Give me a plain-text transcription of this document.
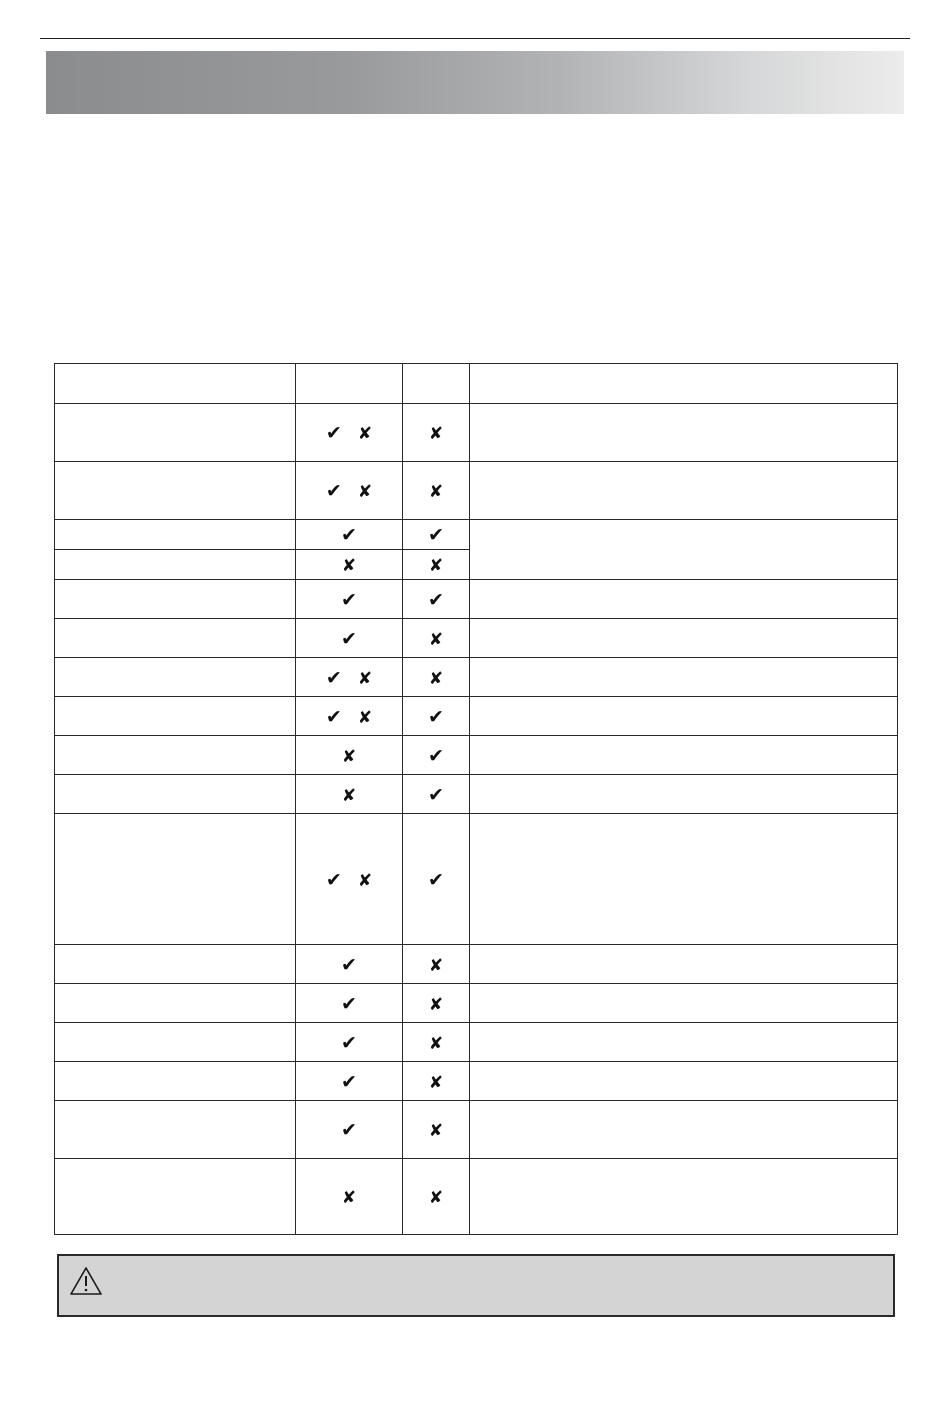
	✔ ✘	✘	
	✔ ✘	✘	
	✔	✔	
	✘	✘	
	✔	✔	
	✔	✘	
	✔ ✘	✘	
	✔ ✘	✔	
	✘	✔	
	✘	✔	
	✔ ✘	✔	
	✔	✘	
	✔	✘	
	✔	✘	
	✔	✘	
	✔	✘	
	✘	✘	
